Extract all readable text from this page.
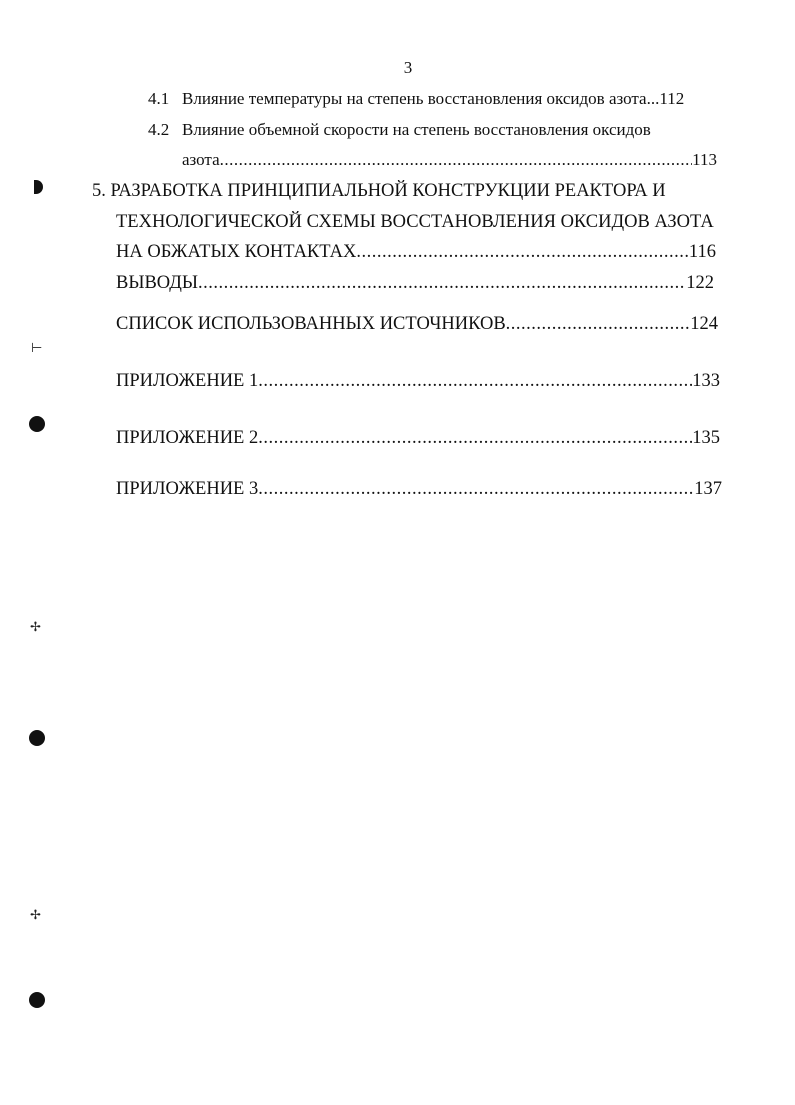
3
4.1 Влияние температуры на степень восстановления оксидов азота...112
4.2 Влияние объемной скорости на степень восстановления оксидов
азота .....	113
5. РАЗРАБОТКА ПРИНЦИПИАЛЬНОЙ КОНСТРУКЦИИ РЕАКТОРА И
ТЕХНОЛОГИЧЕСКОЙ СХЕМЫ ВОССТАНОВЛЕНИЯ ОКСИДОВ АЗОТА
НА ОБЖАТЫХ КОНТАКТАХ .....	116
ВЫВОДЫ .....	122
СПИСОК ИСПОЛЬЗОВАННЫХ ИСТОЧНИКОВ .....	124
ПРИЛОЖЕНИЕ 1 .....	133
ПРИЛОЖЕНИЕ 2 .....	135
ПРИЛОЖЕНИЕ 3 .....	137
⊢
✢
✢
